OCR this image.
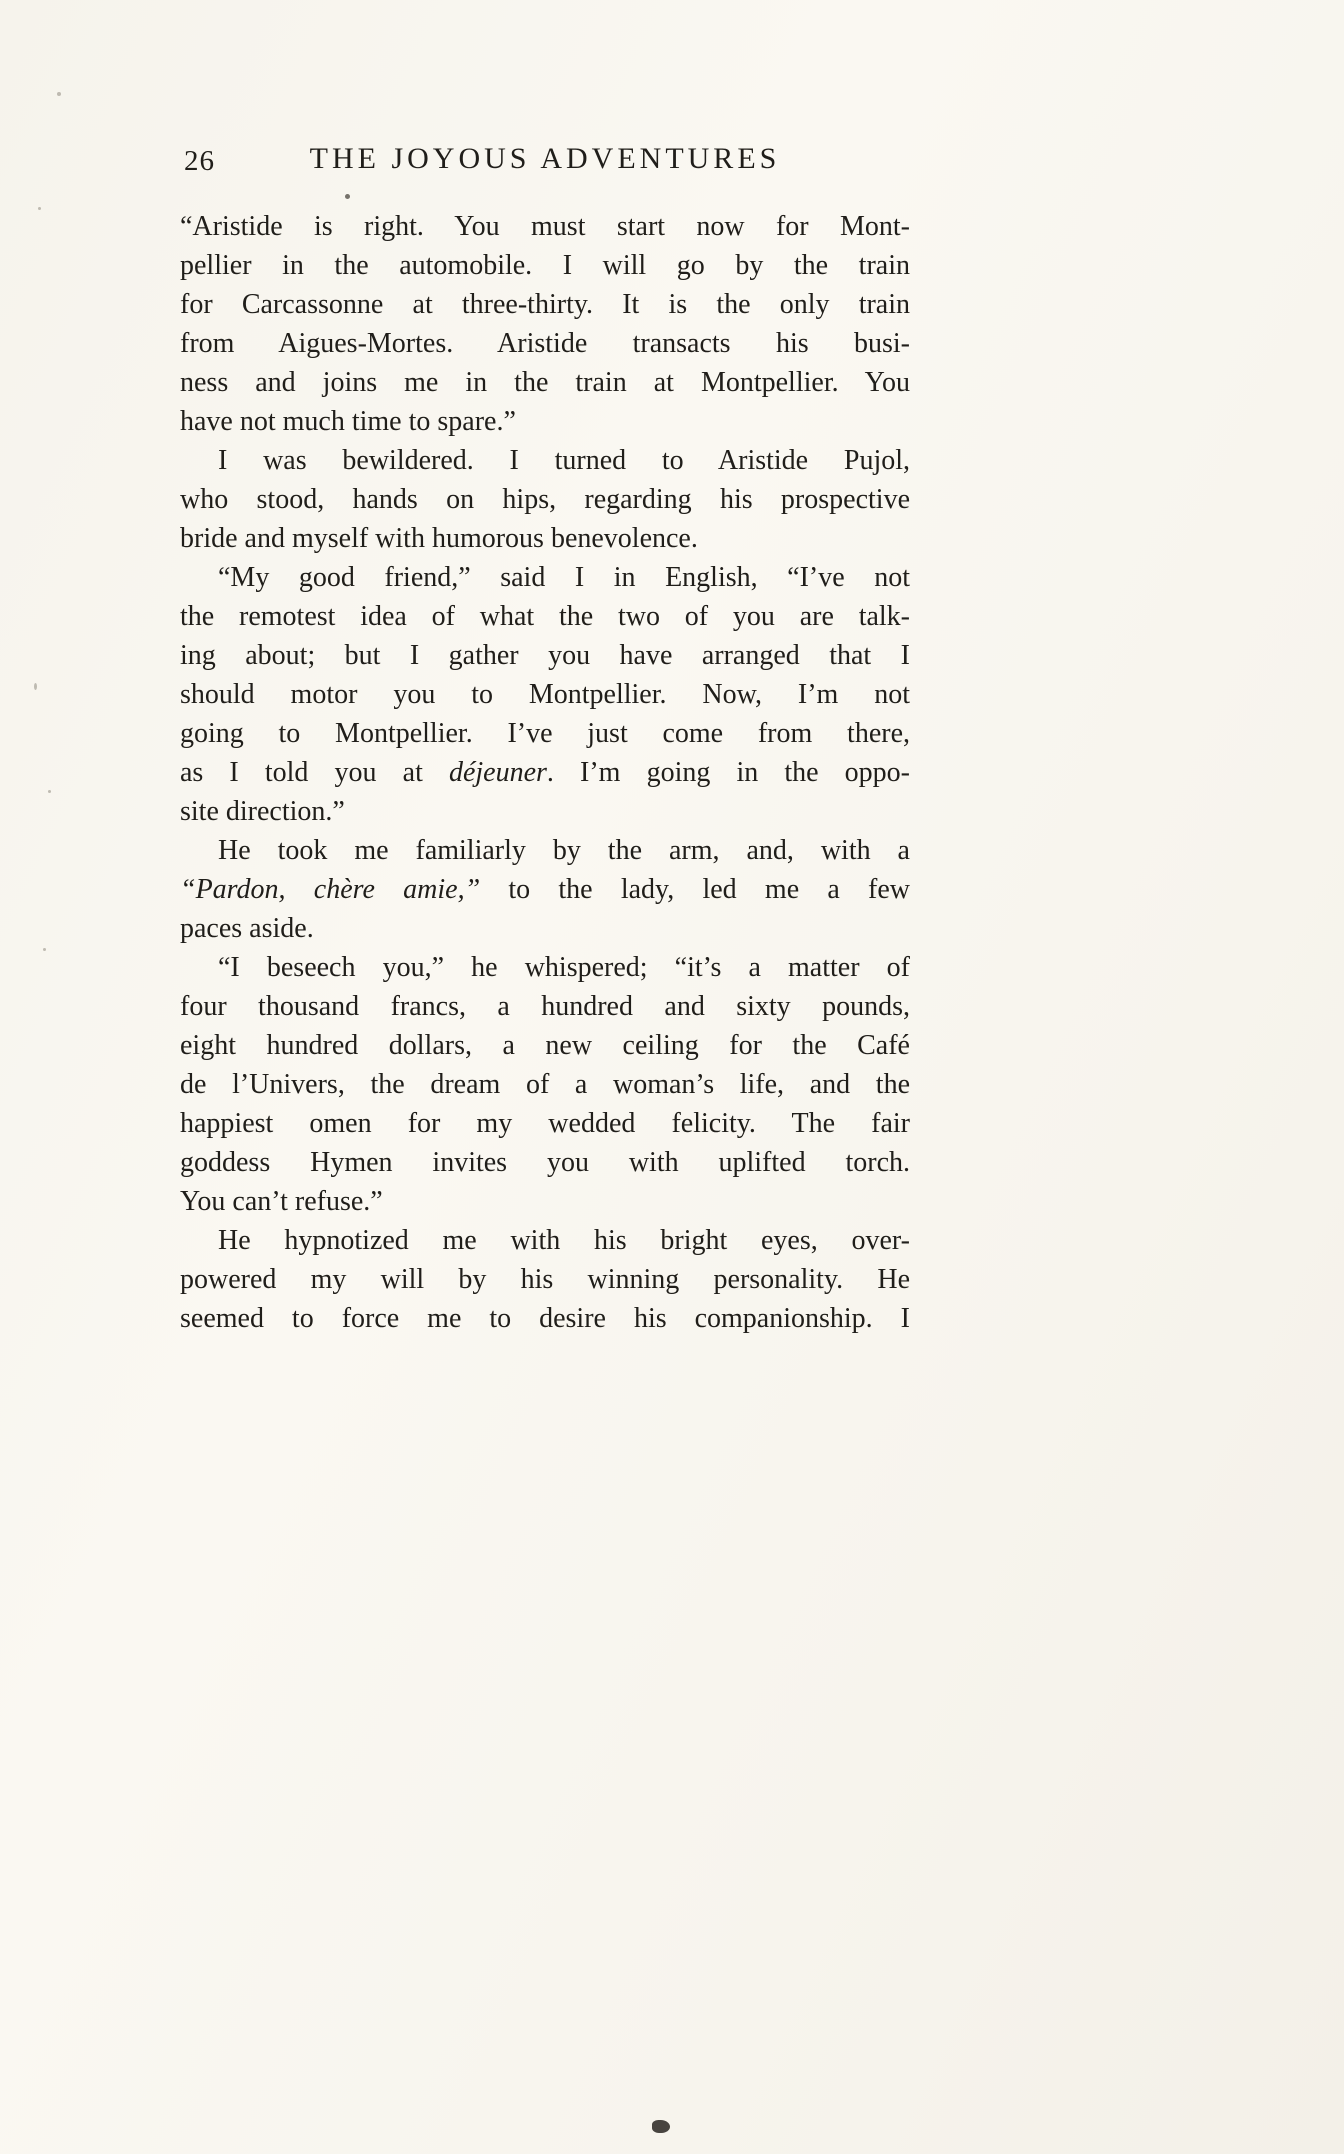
26	THE JOYOUS ADVENTURES
“Aristide is right. You must start now for Mont-
pellier in the automobile. I will go by the train
for Carcassonne at three-thirty. It is the only train
from Aigues-Mortes. Aristide transacts his busi-
ness and joins me in the train at Montpellier. You
have not much time to spare.”
I was bewildered. I turned to Aristide Pujol,
who stood, hands on hips, regarding his prospective
bride and myself with humorous benevolence.
“My good friend,” said I in English, “I’ve not
the remotest idea of what the two of you are talk-
ing about; but I gather you have arranged that I
should motor you to Montpellier. Now, I’m not
going to Montpellier. I’ve just come from there,
as I told you at déjeuner. I’m going in the oppo-
site direction.”
He took me familiarly by the arm, and, with a
“Pardon, chère amie,” to the lady, led me a few
paces aside.
“I beseech you,” he whispered; “it’s a matter of
four thousand francs, a hundred and sixty pounds,
eight hundred dollars, a new ceiling for the Café
de l’Univers, the dream of a woman’s life, and the
happiest omen for my wedded felicity. The fair
goddess Hymen invites you with uplifted torch.
You can’t refuse.”
He hypnotized me with his bright eyes, over-
powered my will by his winning personality. He
seemed to force me to desire his companionship. I
